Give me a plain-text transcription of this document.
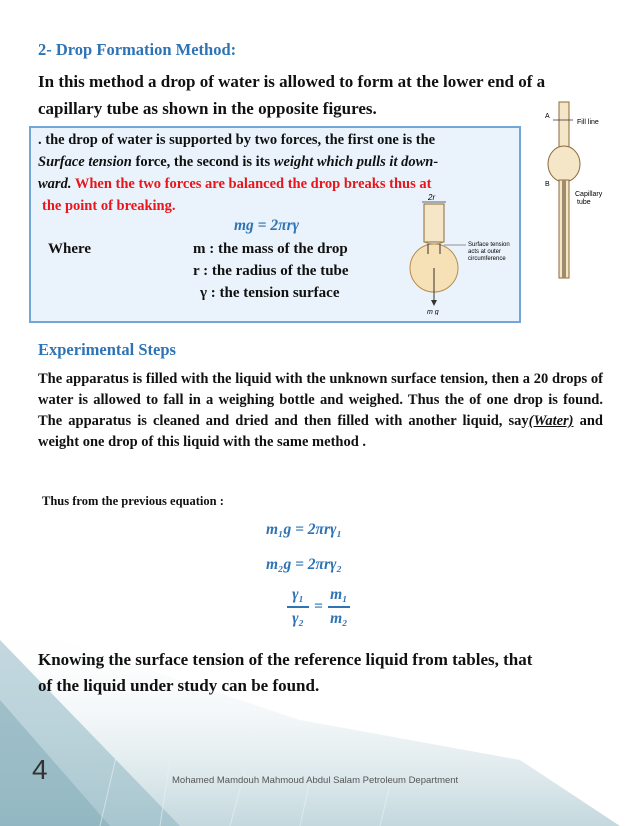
2- Drop Formation Method:
In this method a drop of water is allowed to form at the lower end of a
capillary tube as shown in the opposite figures.
Fill line
A
B
Capillary tube
. the drop of water is supported by two forces, the first one is the
Surface tension force, the second is its weight which pulls it down-
ward. When the two forces are balanced the drop breaks thus at
the point of breaking.
mg = 2πrγ
Where	m : the mass of the drop
r : the radius of the tube
γ : the tension surface
2r
m g
Surface tension acts at outer circumference
Experimental Steps
The apparatus is filled with the liquid with the unknown surface tension, then a 20 drops of water is allowed to fall in a weighing bottle and weighed. Thus the of one drop is found. The apparatus is cleaned and dried and then filled with another liquid, say(Water) and weight one drop of this liquid with the same method .
Thus from the previous equation :
m₁g = 2πrγ₁
m₂g = 2πrγ₂
γ₁
γ₂
=
m₁
m₂
Knowing the surface tension of the reference liquid from tables, that
of the liquid under study can be found.
4	Mohamed Mamdouh Mahmoud Abdul Salam Petroleum Department
